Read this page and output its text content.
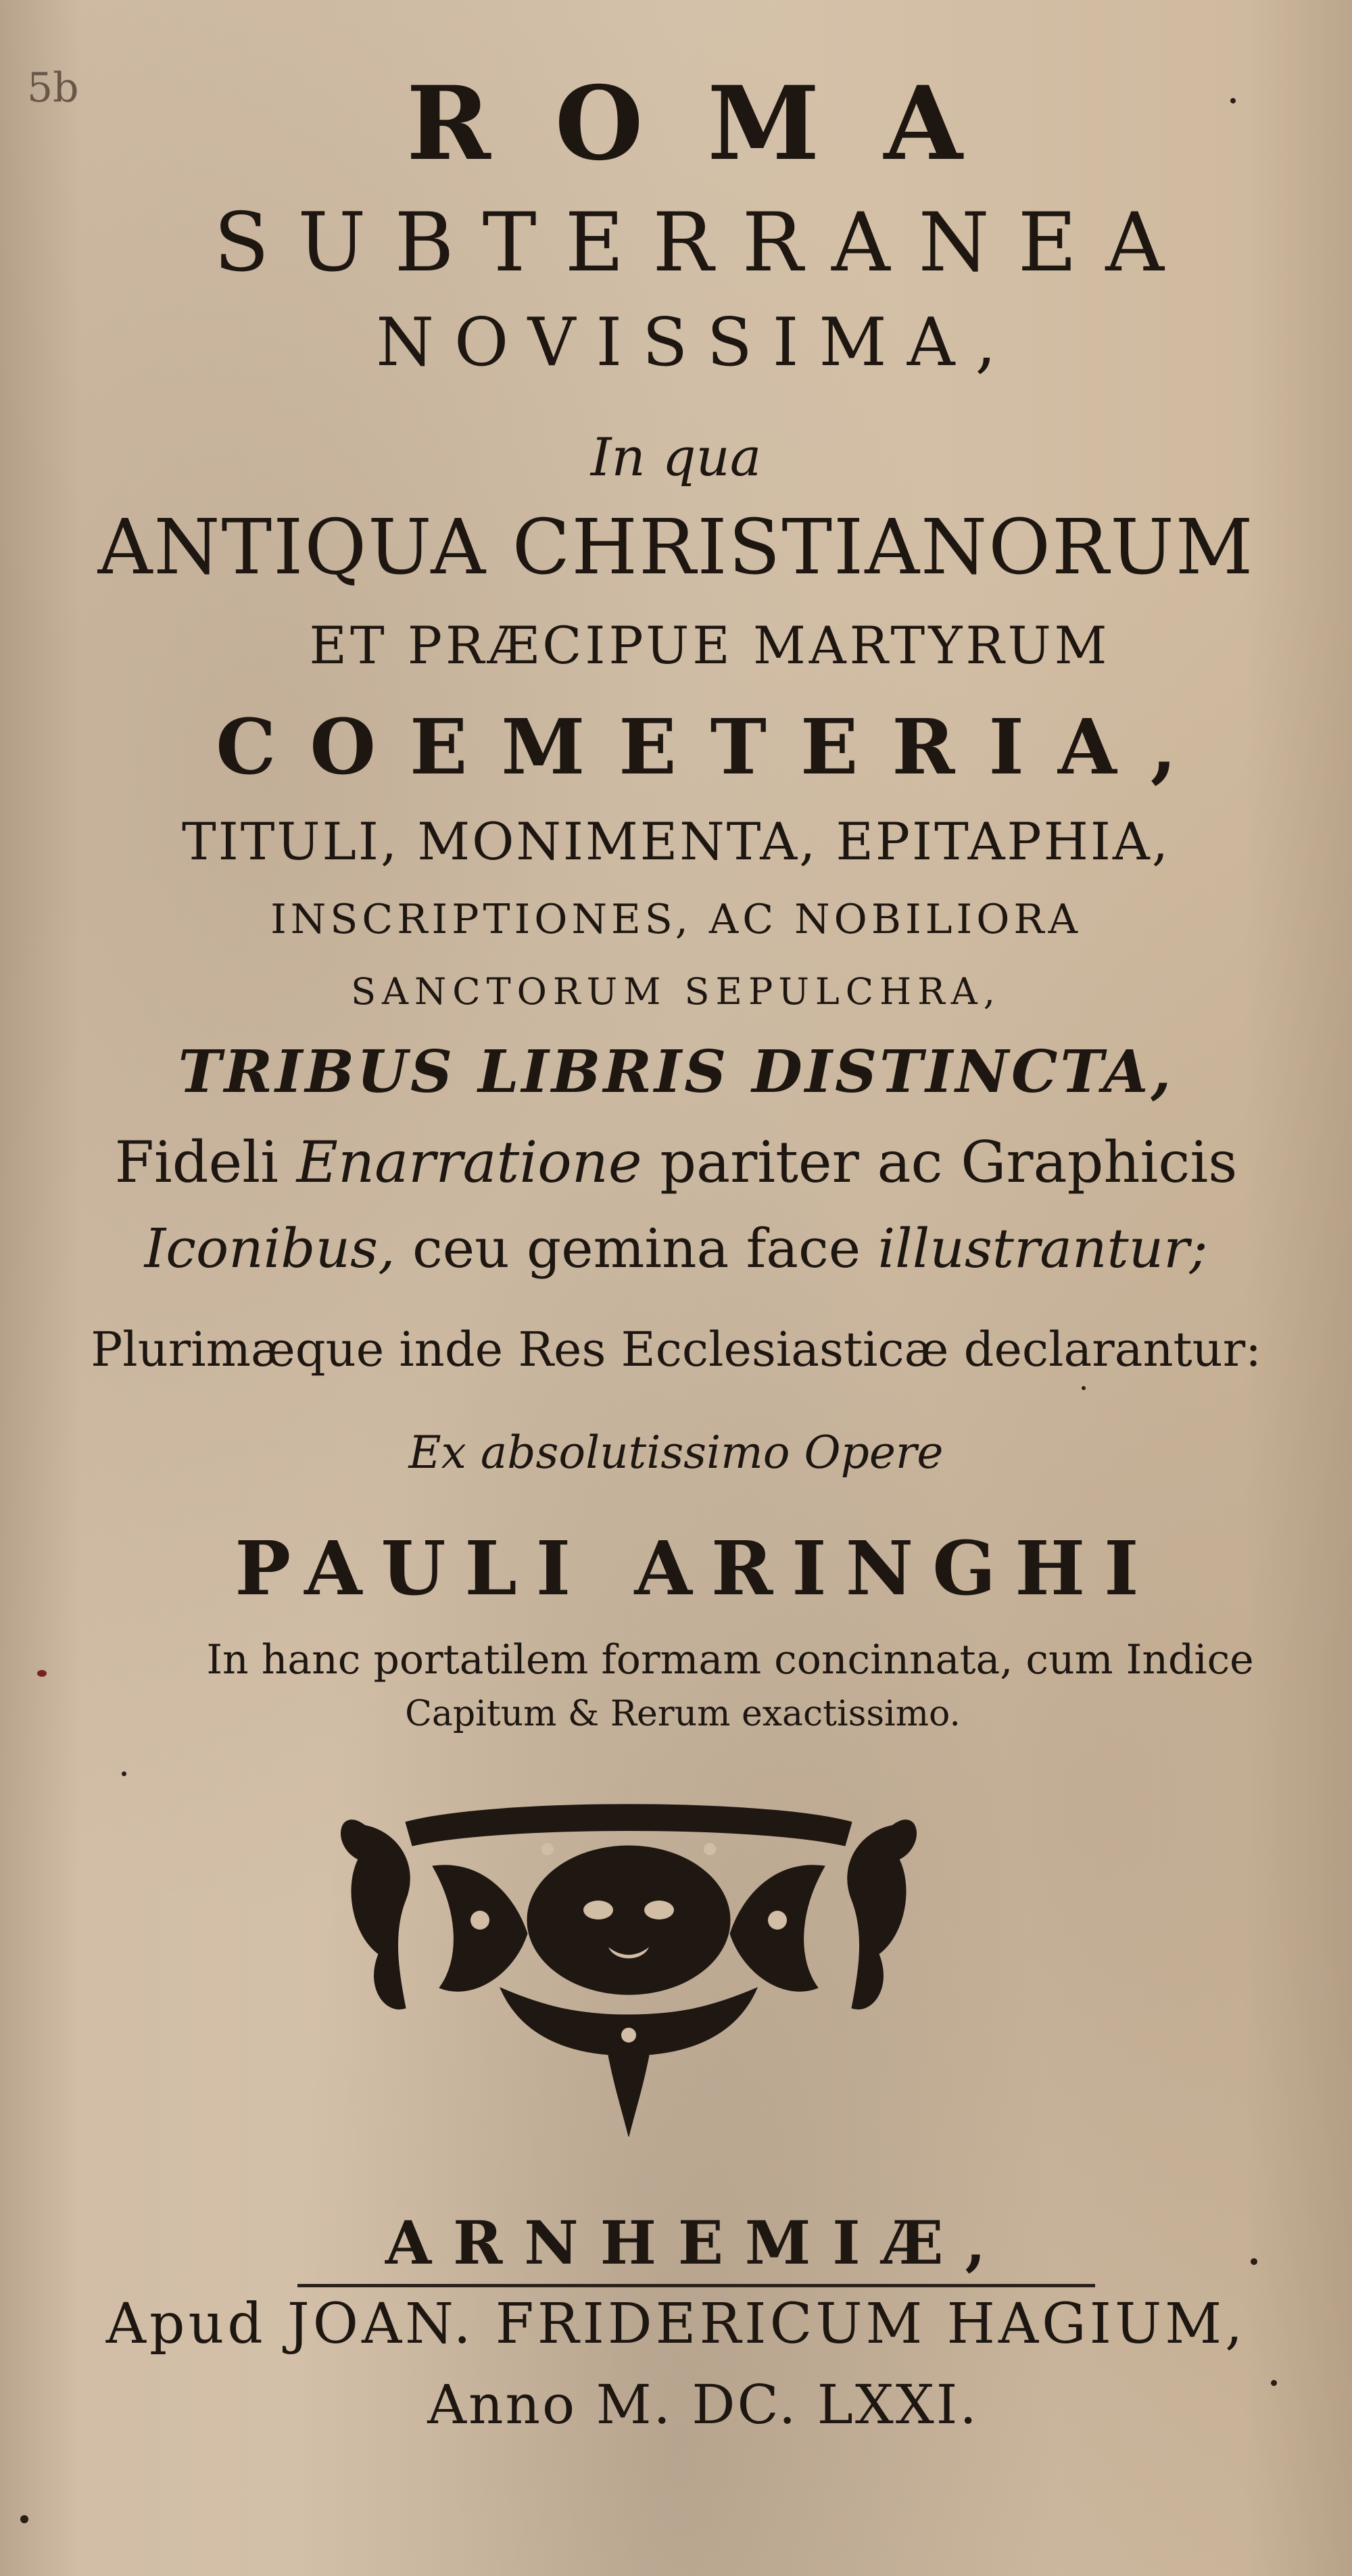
5b	ROMA
SUBTERRANEA
NOVISSIMA,
In qua
ANTIQUA CHRISTIANORUM
ET PRÆCIPUE MARTYRUM
COEMETERIA,
TITULI, MONIMENTA, EPITAPHIA,
INSCRIPTIONES, AC NOBILIORA
SANCTORUM SEPULCHRA,
TRIBUS LIBRIS DISTINCTA,
Fideli Enarratione pariter ac Graphicis
Iconibus, ceu gemina face illustrantur;
Plurimæque inde Res Ecclesiasticæ declarantur:
Ex absolutissimo Opere
PAULI ARINGHI
In hanc portatilem formam concinnata, cum Indice
Capitum & Rerum exactissimo.
ARNHEMIÆ,
Apud JOAN. FRIDERICUM HAGIUM,
Anno M. DC. LXXI.
